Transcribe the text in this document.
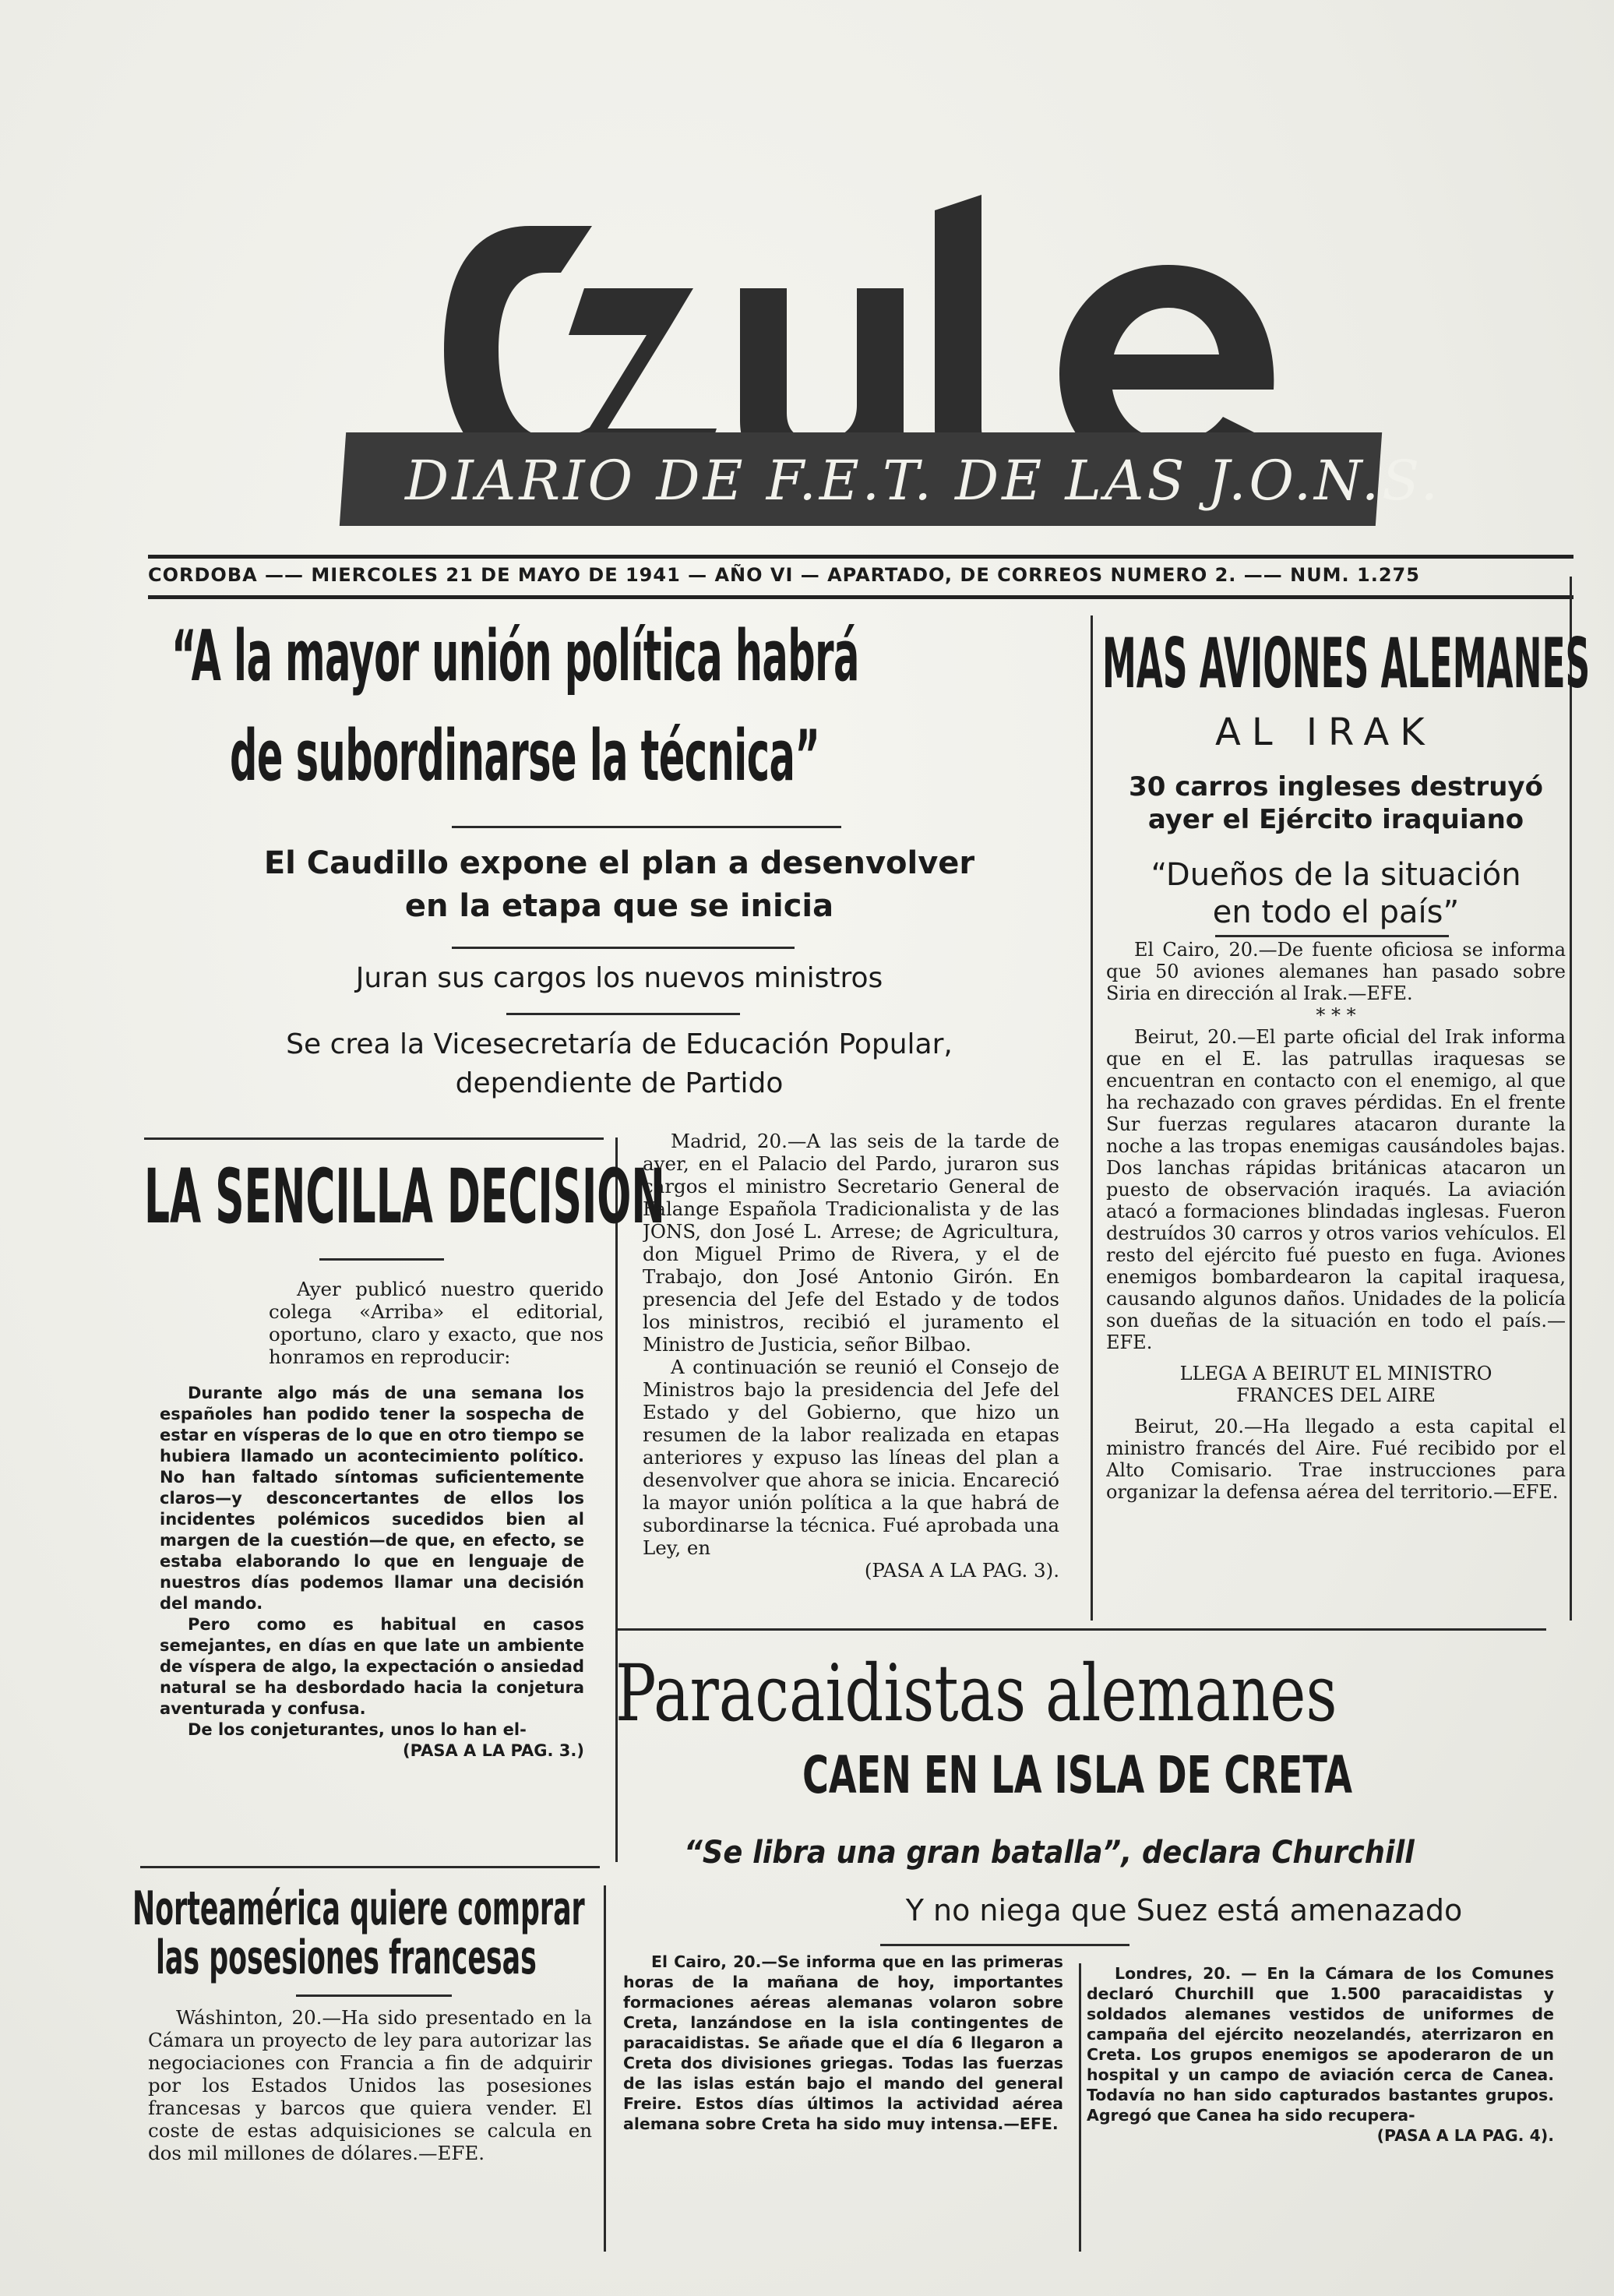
DIARIO DE F.E.T. DE LAS J.O.N.S.
CORDOBA —— MIERCOLES 21 DE MAYO DE 1941 — AÑO VI — APARTADO, DE CORREOS NUMERO 2. —— NUM. 1.275
“A la mayor unión política habrá
de subordinarse la técnica”
El Caudillo expone el plan a desenvolver
en la etapa que se inicia
Juran sus cargos los nuevos ministros
Se crea la Vicesecretaría de Educación Popular,
dependiente de Partido
LA SENCILLA DECISION

Ayer publicó nuestro querido colega «Arriba» el editorial, oportuno, claro y exacto, que nos honramos en reproducir:

Durante algo más de una semana los españoles han podido tener la sospecha de estar en vísperas de lo que en otro tiempo se hubiera llamado un acontecimiento político. No han faltado síntomas suficientemente claros—y desconcertantes de ellos los incidentes polémicos sucedidos bien al margen de la cuestión—de que, en efecto, se estaba elaborando lo que en lenguaje de nuestros días podemos llamar una decisión del mando.

Pero como es habitual en casos semejantes, en días en que late un ambiente de víspera de algo, la expectación o ansiedad natural se ha desbordado hacia la conjetura aventurada y confusa.

De los conjeturantes, unos lo han el-

(PASA A LA PAG. 3.)

Madrid, 20.—A las seis de la tarde de ayer, en el Palacio del Pardo, juraron sus cargos el ministro Secretario General de Falange Española Tradicionalista y de las JONS, don José L. Arrese; de Agricultura, don Miguel Primo de Rivera, y el de Trabajo, don José Antonio Girón. En presencia del Jefe del Estado y de todos los ministros, recibió el juramento el Ministro de Justicia, señor Bilbao.

A continuación se reunió el Consejo de Ministros bajo la presidencia del Jefe del Estado y del Gobierno, que hizo un resumen de la labor realizada en etapas anteriores y expuso las líneas del plan a desenvolver que ahora se inicia. Encareció la mayor unión política a la que habrá de subordinarse la técnica. Fué aprobada una Ley, en

(PASA A LA PAG. 3).

MAS AVIONES ALEMANES
AL IRAK
30 carros ingleses destruyó
ayer el Ejército iraquiano
“Dueños de la situación
en todo el país”

El Cairo, 20.—De fuente oficiosa se informa que 50 aviones alemanes han pasado sobre Siria en dirección al Irak.—EFE.

* * *

Beirut, 20.—El parte oficial del Irak informa que en el E. las patrullas iraquesas se encuentran en contacto con el enemigo, al que ha rechazado con graves pérdidas. En el frente Sur fuerzas regulares atacaron durante la noche a las tropas enemigas causándoles bajas. Dos lanchas rápidas británicas atacaron un puesto de observación iraqués. La aviación atacó a formaciones blindadas inglesas. Fueron destruídos 30 carros y otros varios vehículos. El resto del ejército fué puesto en fuga. Aviones enemigos bombardearon la capital iraquesa, causando algunos daños. Unidades de la policía son dueñas de la situación en todo el país.—EFE.

LLEGA A BEIRUT EL MINISTRO

FRANCES DEL AIRE

Beirut, 20.—Ha llegado a esta capital el ministro francés del Aire. Fué recibido por el Alto Comisario. Trae instrucciones para organizar la defensa aérea del territorio.—EFE.

Paracaidistas alemanes
CAEN EN LA ISLA DE CRETA
“Se libra una gran batalla”, declara Churchill
Y no niega que Suez está amenazado

El Cairo, 20.—Se informa que en las primeras horas de la mañana de hoy, importantes formaciones aéreas alemanas volaron sobre Creta, lanzándose en la isla contingentes de paracaidistas. Se añade que el día 6 llegaron a Creta dos divisiones griegas. Todas las fuerzas de las islas están bajo el mando del general Freire. Estos días últimos la actividad aérea alemana sobre Creta ha sido muy intensa.—EFE.

Londres, 20. — En la Cámara de los Comunes declaró Churchill que 1.500 paracaidistas y soldados alemanes vestidos de uniformes de campaña del ejército neozelandés, aterrizaron en Creta. Los grupos enemigos se apoderaron de un hospital y un campo de aviación cerca de Canea. Todavía no han sido capturados bastantes grupos. Agregó que Canea ha sido recupera-

(PASA A LA PAG. 4).

Norteamérica quiere comprar
las posesiones francesas

Wáshinton, 20.—Ha sido presentado en la Cámara un proyecto de ley para autorizar las negociaciones con Francia a fin de adquirir por los Estados Unidos las posesiones francesas y barcos que quiera vender. El coste de estas adquisiciones se calcula en dos mil millones de dólares.—EFE.
